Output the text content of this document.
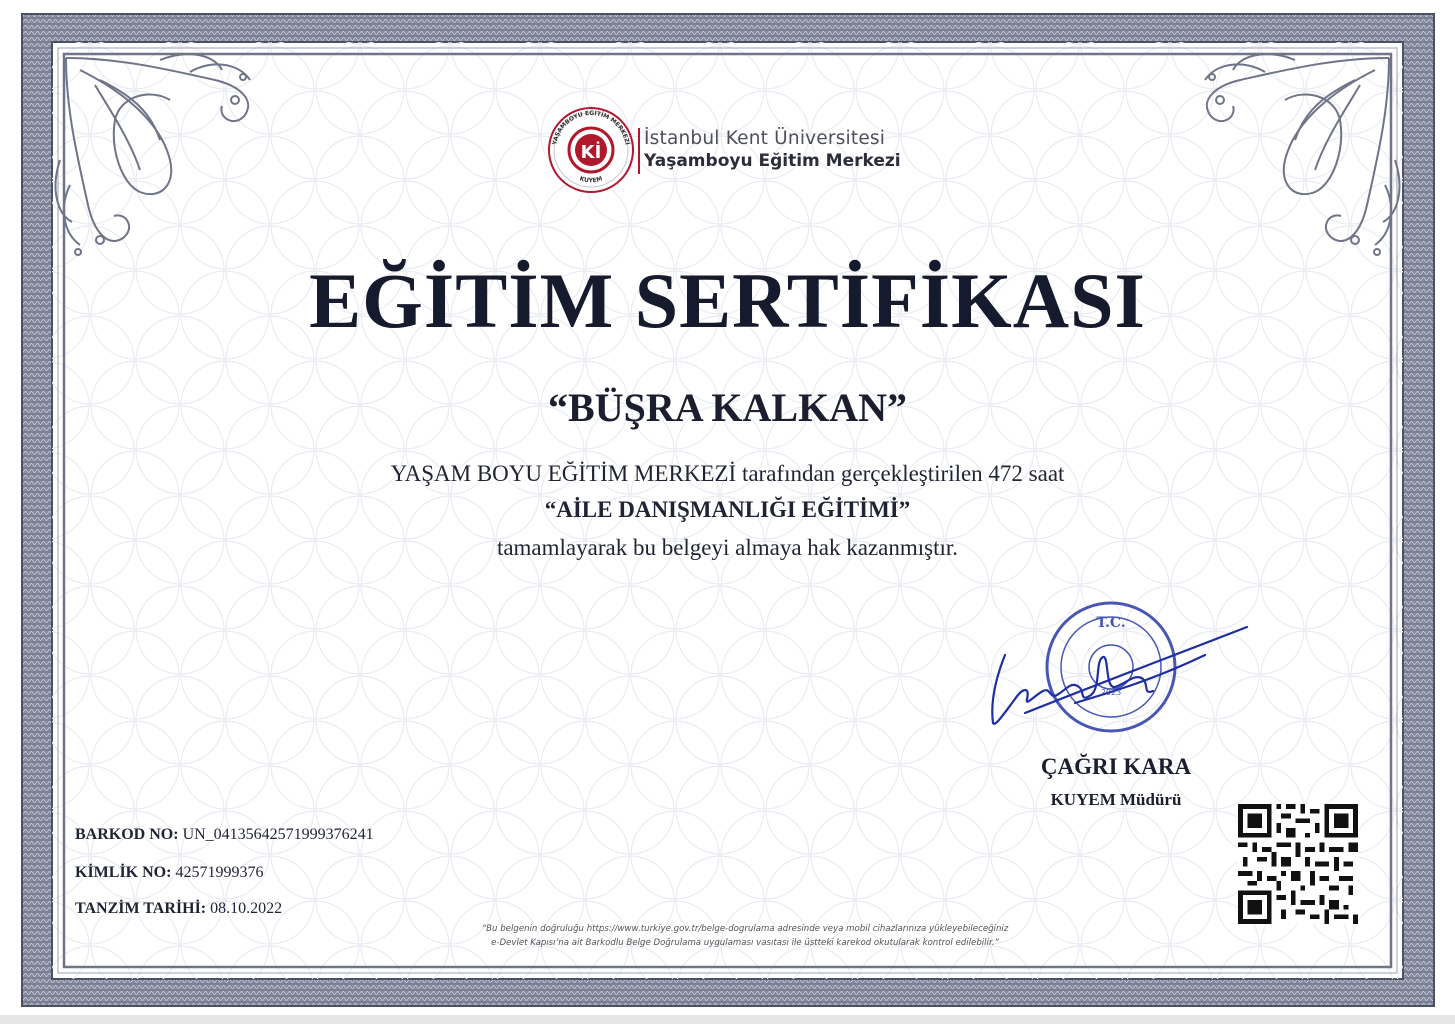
Kİ
YAŞAMBOYU EĞİTİM MERKEZİ
KUYEM
İstanbul Kent Üniversitesi
Yaşamboyu Eğitim Merkezi
EĞİTİM SERTİFİKASI
“BÜŞRA KALKAN”
YAŞAM BOYU EĞİTİM MERKEZİ tarafından gerçekleştirilen 472 saat
“AİLE DANIŞMANLIĞI EĞİTİMİ”
tamamlayarak bu belgeyi almaya hak kazanmıştır.
T.C.
2023
ÇAĞRI KARA
KUYEM Müdürü
BARKOD NO: UN_04135642571999376241
KİMLİK NO: 42571999376
TANZİM TARİHİ: 08.10.2022
“Bu belgenin doğruluğu https://www.turkiye.gov.tr/belge-dogrulama adresinde veya mobil cihazlarınıza yükleyebileceğiniz
e-Devlet Kapısı’na ait Barkodlu Belge Doğrulama uygulaması vasıtası ile üstteki karekod okutularak kontrol edilebilir.”
